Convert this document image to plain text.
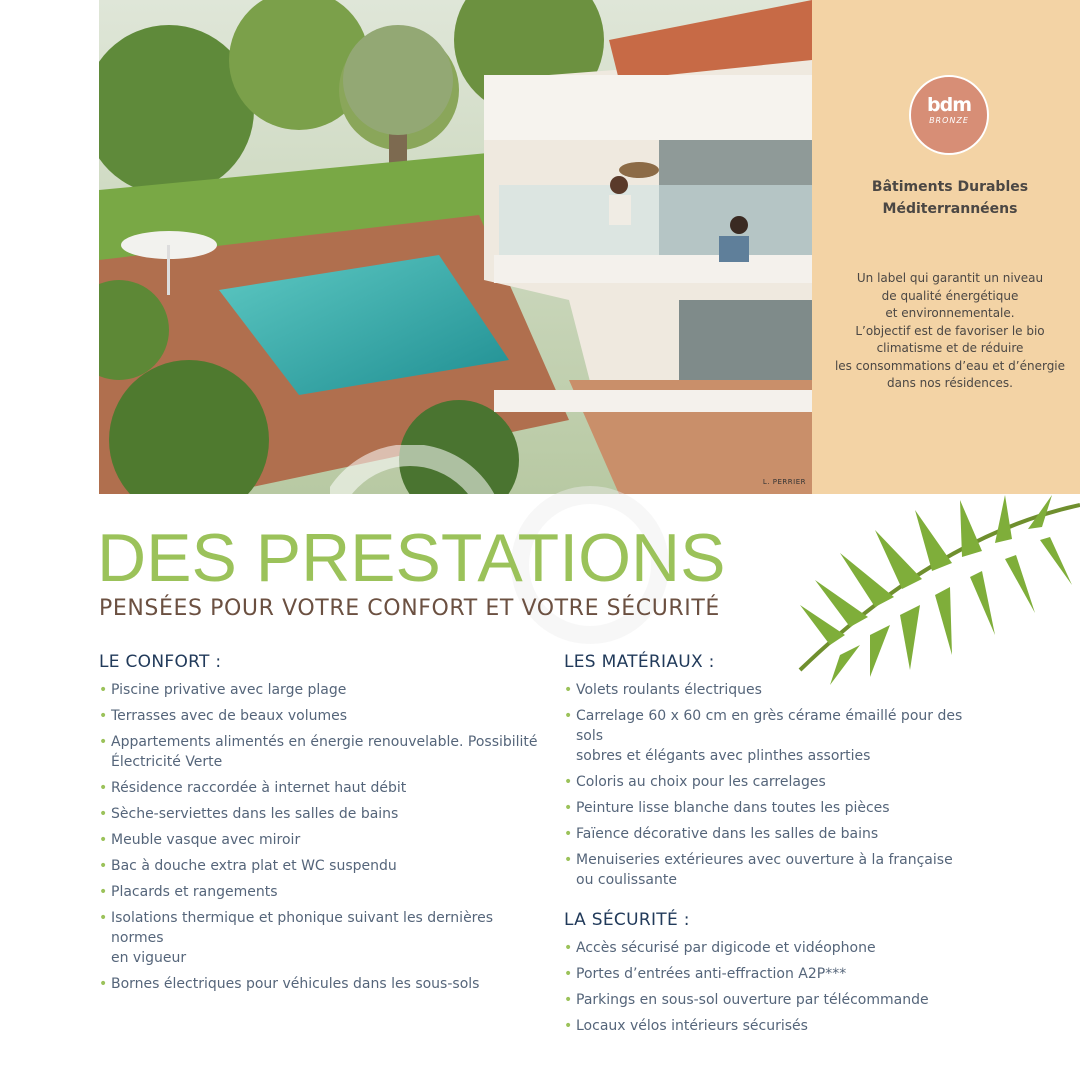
L. PERRIER
bdm
BRONZE
Bâtiments Durables
Méditerrannéens
Un label qui garantit un niveau
de qualité énergétique
et environnementale.
L’objectif est de favoriser le bio
climatisme et de réduire
les consommations d’eau et d’énergie
dans nos résidences.
DES PRESTATIONS
PENSÉES POUR VOTRE CONFORT ET VOTRE SÉCURITÉ
LE CONFORT :
• Piscine privative avec large plage
• Terrasses avec de beaux volumes
• Appartements alimentés en énergie renouvelable. Possibilité
Électricité Verte
• Résidence raccordée à internet haut débit
• Sèche-serviettes dans les salles de bains
• Meuble vasque avec miroir
• Bac à douche extra plat et WC suspendu
• Placards et rangements
• Isolations thermique et phonique suivant les dernières normes
en vigueur
• Bornes électriques pour véhicules dans les sous-sols
LES MATÉRIAUX :
• Volets roulants électriques
• Carrelage 60 x 60 cm en grès cérame émaillé pour des sols
sobres et élégants avec plinthes assorties
• Coloris au choix pour les carrelages
• Peinture lisse blanche dans toutes les pièces
• Faïence décorative dans les salles de bains
• Menuiseries extérieures avec ouverture à la française
ou coulissante
LA SÉCURITÉ :
• Accès sécurisé par digicode et vidéophone
• Portes d’entrées anti-effraction A2P***
• Parkings en sous-sol ouverture par télécommande
• Locaux vélos intérieurs sécurisés
